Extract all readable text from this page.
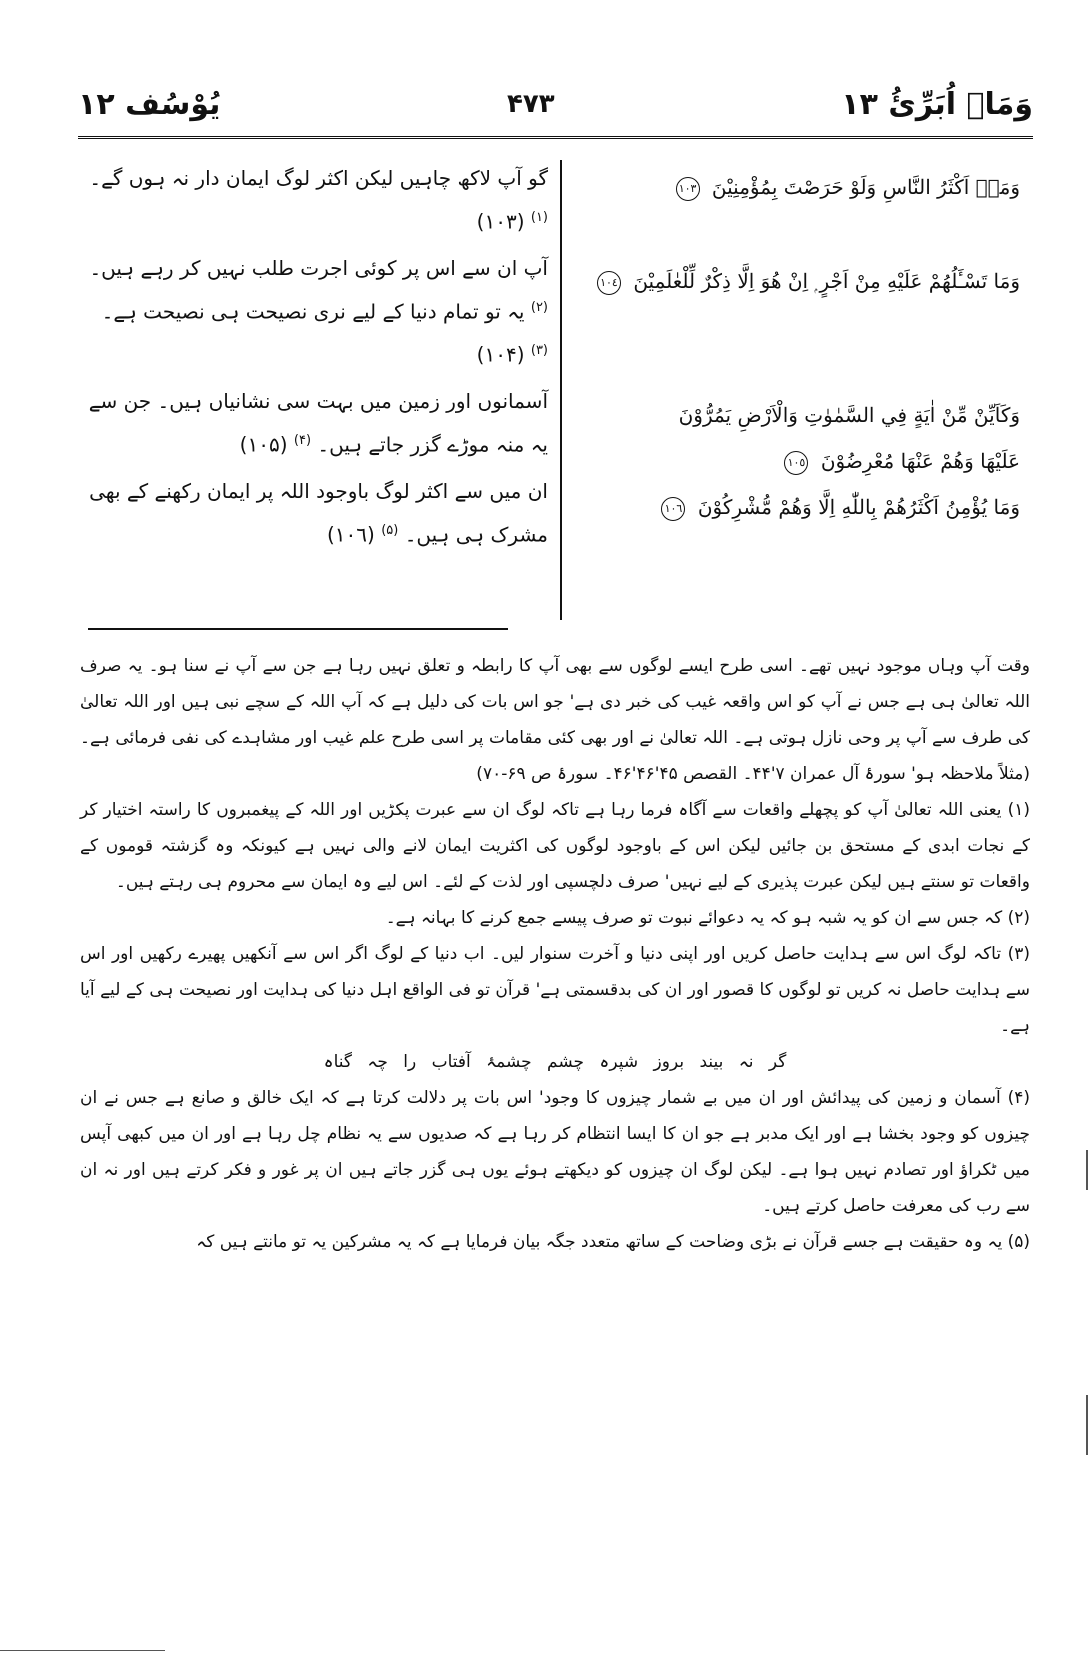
وَمَاۤ اُبَرِّئُ ١٣
۴۷۳
یُوْسُف ١٢

وَمَاۤ اَكْثَرُ النَّاسِ وَلَوْ حَرَصْتَ بِمُؤْمِنِيْنَ ١٠٣

وَمَا تَسْـَٔلُهُمْ عَلَيْهِ مِنْ اَجْرٍ ۭ اِنْ هُوَ اِلَّا ذِكْرٌ لِّلْعٰلَمِيْنَ ١٠٤

وَكَاَيِّنْ مِّنْ اٰيَةٍ فِي السَّمٰوٰتِ وَالْاَرْضِ يَمُرُّوْنَ

عَلَيْهَا وَهُمْ عَنْهَا مُعْرِضُوْنَ ١٠٥

وَمَا يُؤْمِنُ اَكْثَرُهُمْ بِاللّٰهِ اِلَّا وَهُمْ مُّشْرِكُوْنَ ١٠٦

گو آپ لاکھ چاہیں لیکن اکثر لوگ ایمان دار نہ ہوں گے۔ $^{(١)}$ (١٠٣)

آپ ان سے اس پر کوئی اجرت طلب نہیں کر رہے ہیں۔ $^{(٢)}$ یہ تو تمام دنیا کے لیے نری نصیحت ہی نصیحت ہے۔ $^{(٣)}$ (١٠۴)

آسمانوں اور زمین میں بہت سی نشانیاں ہیں۔ جن سے یہ منہ موڑے گزر جاتے ہیں۔ $^{(۴)}$ (١٠۵)

ان میں سے اکثر لوگ باوجود اللہ پر ایمان رکھنے کے بھی مشرک ہی ہیں۔ $^{(۵)}$ (١٠٦)

وقت آپ وہاں موجود نہیں تھے۔ اسی طرح ایسے لوگوں سے بھی آپ کا رابطہ و تعلق نہیں رہا ہے جن سے آپ نے سنا ہو۔ یہ صرف اللہ تعالیٰ ہی ہے جس نے آپ کو اس واقعہ غیب کی خبر دی ہے' جو اس بات کی دلیل ہے کہ آپ اللہ کے سچے نبی ہیں اور اللہ تعالیٰ کی طرف سے آپ پر وحی نازل ہوتی ہے۔ اللہ تعالیٰ نے اور بھی کئی مقامات پر اسی طرح علم غیب اور مشاہدے کی نفی فرمائی ہے۔ (مثلاً ملاحظہ ہو' سورۂ آل عمران ۷'۴۴۔ القصص ۴۵'۴۶'۴۶۔ سورۂ ص ۶۹-۷۰)

(١) یعنی اللہ تعالیٰ آپ کو پچھلے واقعات سے آگاہ فرما رہا ہے تاکہ لوگ ان سے عبرت پکڑیں اور اللہ کے پیغمبروں کا راستہ اختیار کر کے نجات ابدی کے مستحق بن جائیں لیکن اس کے باوجود لوگوں کی اکثریت ایمان لانے والی نہیں ہے کیونکہ وہ گزشتہ قوموں کے واقعات تو سنتے ہیں لیکن عبرت پذیری کے لیے نہیں' صرف دلچسپی اور لذت کے لئے۔ اس لیے وہ ایمان سے محروم ہی رہتے ہیں۔

(٢) کہ جس سے ان کو یہ شبہ ہو کہ یہ دعوائے نبوت تو صرف پیسے جمع کرنے کا بہانہ ہے۔

(٣) تاکہ لوگ اس سے ہدایت حاصل کریں اور اپنی دنیا و آخرت سنوار لیں۔ اب دنیا کے لوگ اگر اس سے آنکھیں پھیرے رکھیں اور اس سے ہدایت حاصل نہ کریں تو لوگوں کا قصور اور ان کی بدقسمتی ہے' قرآن تو فی الواقع اہل دنیا کی ہدایت اور نصیحت ہی کے لیے آیا ہے۔

گر نہ بیند بروز شپرہ چشم چشمۂ آفتاب را چہ گناہ

(۴) آسمان و زمین کی پیدائش اور ان میں بے شمار چیزوں کا وجود' اس بات پر دلالت کرتا ہے کہ ایک خالق و صانع ہے جس نے ان چیزوں کو وجود بخشا ہے اور ایک مدبر ہے جو ان کا ایسا انتظام کر رہا ہے کہ صدیوں سے یہ نظام چل رہا ہے اور ان میں کبھی آپس میں ٹکراؤ اور تصادم نہیں ہوا ہے۔ لیکن لوگ ان چیزوں کو دیکھتے ہوئے یوں ہی گزر جاتے ہیں ان پر غور و فکر کرتے ہیں اور نہ ان سے رب کی معرفت حاصل کرتے ہیں۔

(۵) یہ وہ حقیقت ہے جسے قرآن نے بڑی وضاحت کے ساتھ متعدد جگہ بیان فرمایا ہے کہ یہ مشرکین یہ تو مانتے ہیں کہ
